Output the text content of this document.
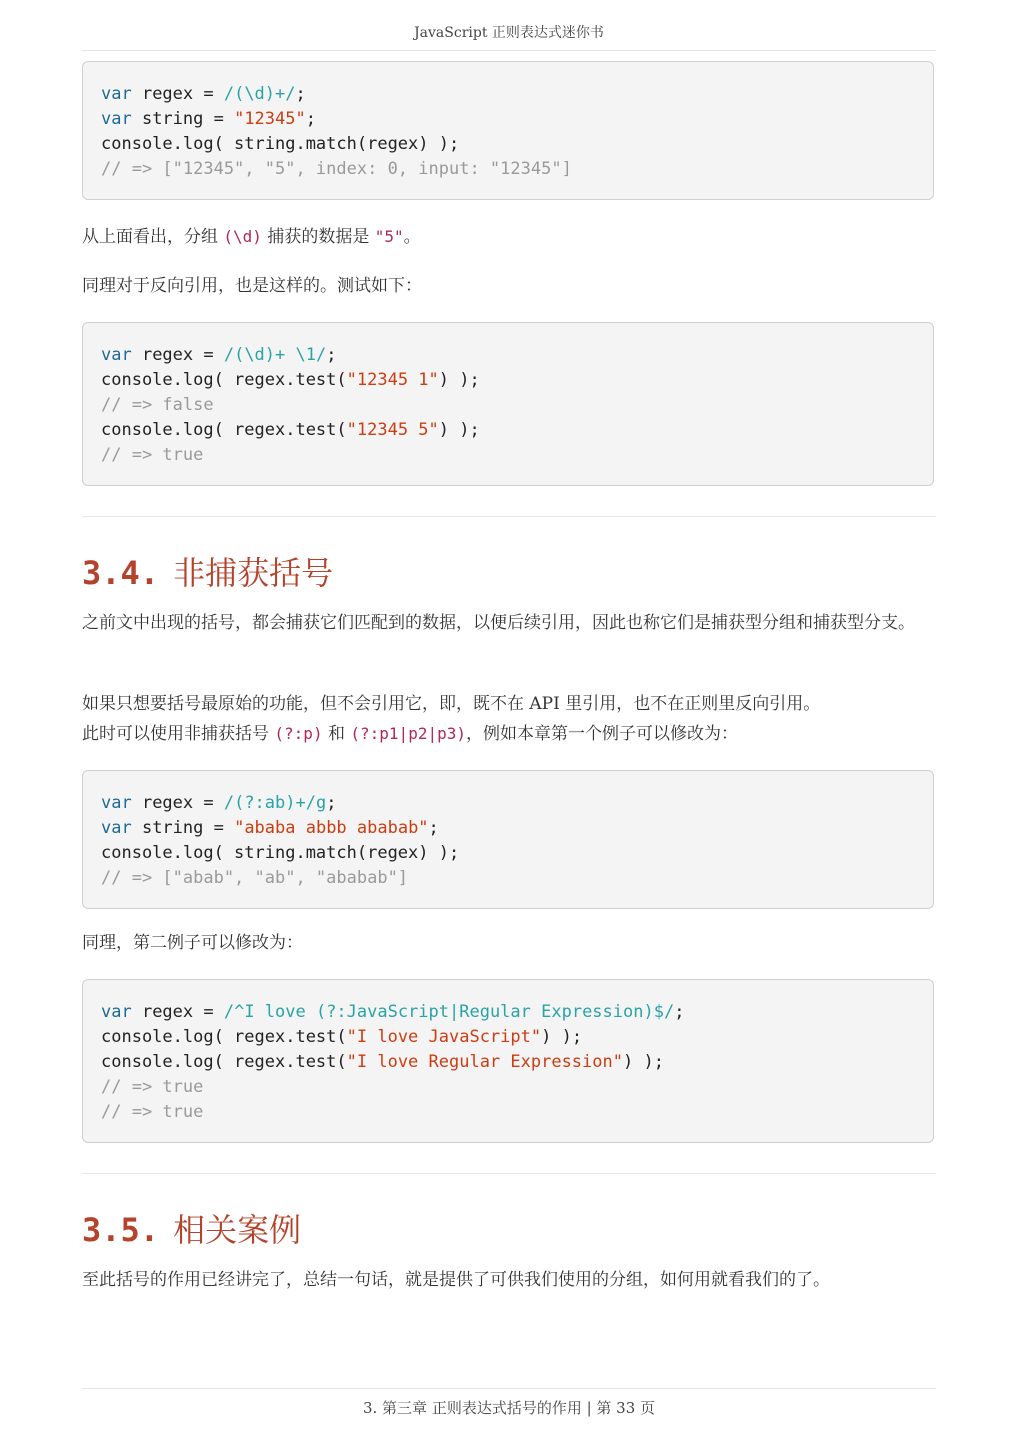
JavaScript 正则表达式迷你书
var regex = /(\d)+/;
var string = "12345";
console.log( string.match(regex) );
// => ["12345", "5", index: 0, input: "12345"]
从上面看出，分组 (\d) 捕获的数据是 "5"。
同理对于反向引用，也是这样的。测试如下：
var regex = /(\d)+ \1/;
console.log( regex.test("12345 1") );
// => false
console.log( regex.test("12345 5") );
// => true
3.4. 非捕获括号
之前文中出现的括号，都会捕获它们匹配到的数据，以便后续引用，因此也称它们是捕获型分组和捕获型分支。
如果只想要括号最原始的功能，但不会引用它，即，既不在 API 里引用，也不在正则里反向引用。
此时可以使用非捕获括号 (?:p) 和 (?:p1|p2|p3)，例如本章第一个例子可以修改为：
var regex = /(?:ab)+/g;
var string = "ababa abbb ababab";
console.log( string.match(regex) );
// => ["abab", "ab", "ababab"]
同理，第二例子可以修改为：
var regex = /^I love (?:JavaScript|Regular Expression)$/;
console.log( regex.test("I love JavaScript") );
console.log( regex.test("I love Regular Expression") );
// => true
// => true
3.5. 相关案例
至此括号的作用已经讲完了，总结一句话，就是提供了可供我们使用的分组，如何用就看我们的了。
3. 第三章 正则表达式括号的作用 | 第 33 页
